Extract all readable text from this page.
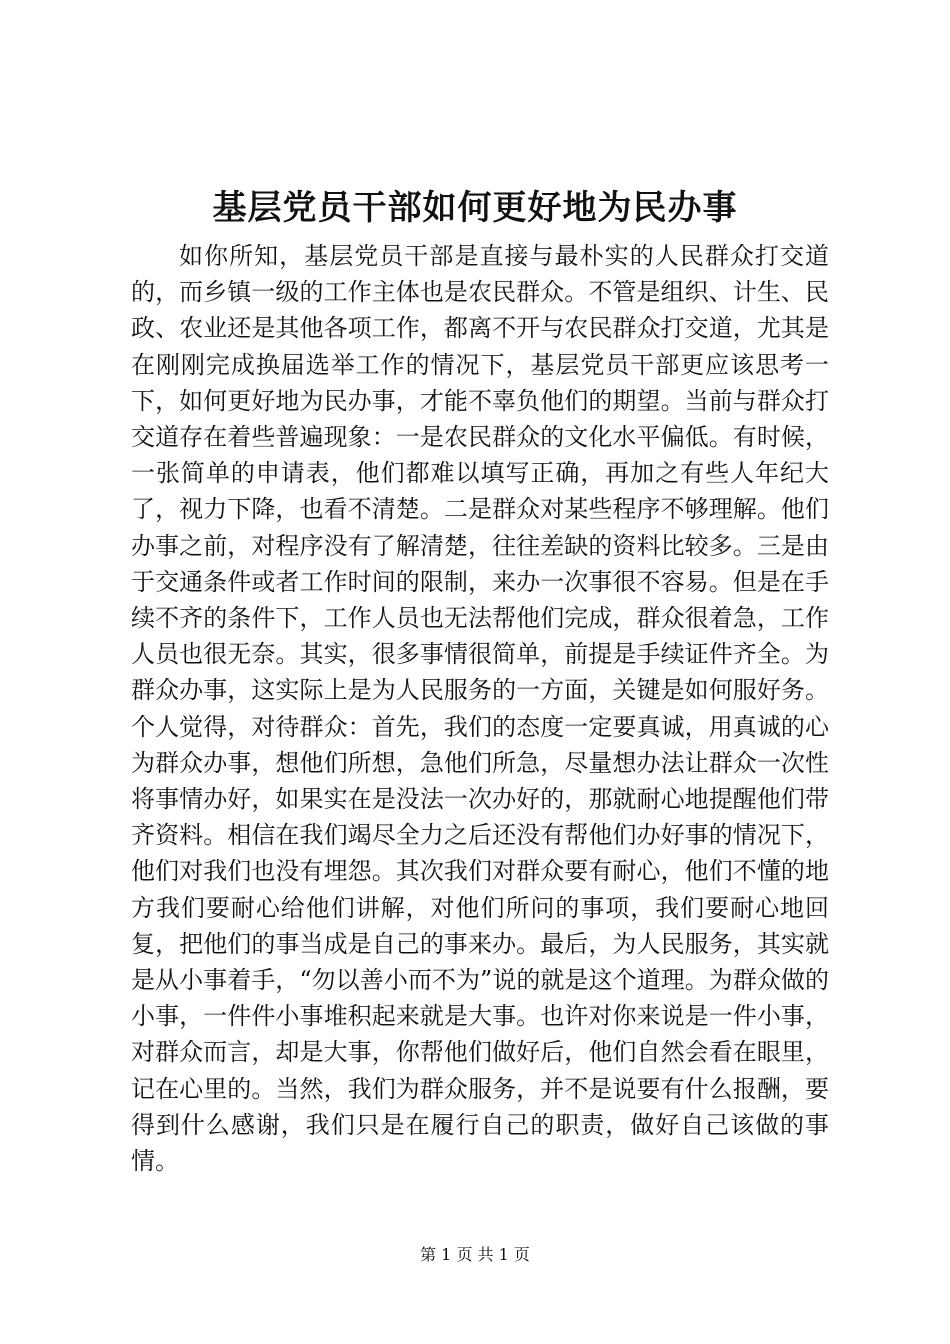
基层党员干部如何更好地为民办事

如你所知，基层党员干部是直接与最朴实的人民群众打交道的，而乡镇一级的工作主体也是农民群众。不管是组织、计生、民政、农业还是其他各项工作，都离不开与农民群众打交道，尤其是在刚刚完成换届选举工作的情况下，基层党员干部更应该思考一下，如何更好地为民办事，才能不辜负他们的期望。当前与群众打交道存在着些普遍现象：一是农民群众的文化水平偏低。有时候，一张简单的申请表，他们都难以填写正确，再加之有些人年纪大了，视力下降，也看不清楚。二是群众对某些程序不够理解。他们办事之前，对程序没有了解清楚，往往差缺的资料比较多。三是由于交通条件或者工作时间的限制，来办一次事很不容易。但是在手续不齐的条件下，工作人员也无法帮他们完成，群众很着急，工作人员也很无奈。其实，很多事情很简单，前提是手续证件齐全。为群众办事，这实际上是为人民服务的一方面，关键是如何服好务。个人觉得，对待群众：首先，我们的态度一定要真诚，用真诚的心为群众办事，想他们所想，急他们所急，尽量想办法让群众一次性将事情办好，如果实在是没法一次办好的，那就耐心地提醒他们带齐资料。相信在我们竭尽全力之后还没有帮他们办好事的情况下，他们对我们也没有埋怨。其次我们对群众要有耐心，他们不懂的地方我们要耐心给他们讲解，对他们所问的事项，我们要耐心地回复，把他们的事当成是自己的事来办。最后，为人民服务，其实就是从小事着手，“勿以善小而不为”说的就是这个道理。为群众做的小事，一件件小事堆积起来就是大事。也许对你来说是一件小事，对群众而言，却是大事，你帮他们做好后，他们自然会看在眼里，记在心里的。当然，我们为群众服务，并不是说要有什么报酬，要得到什么感谢，我们只是在履行自己的职责，做好自己该做的事情。

第 1 页 共 1 页
